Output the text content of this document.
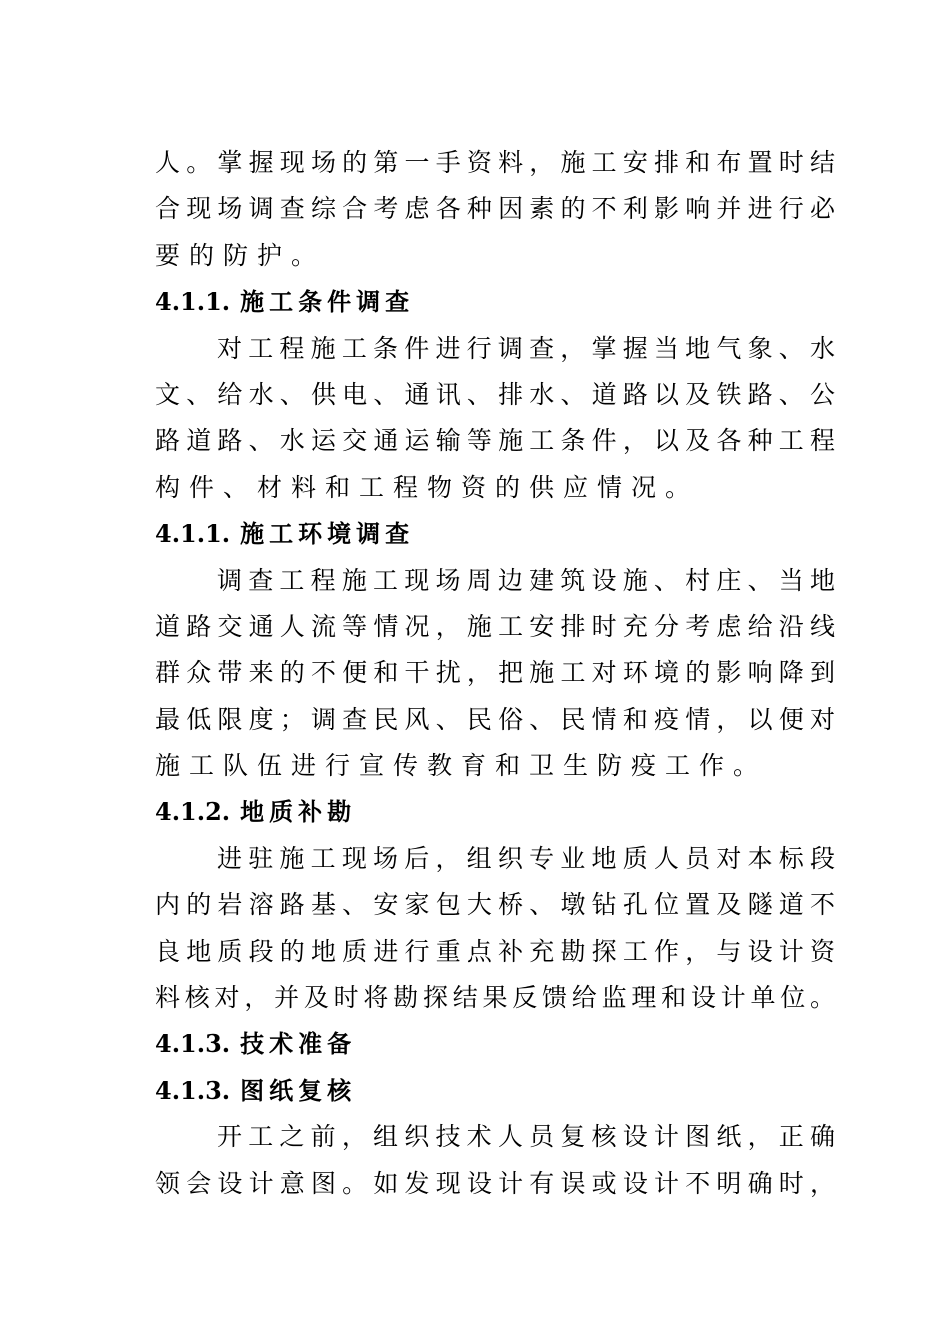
人。掌握现场的第一手资料，施工安排和布置时结
合现场调查综合考虑各种因素的不利影响并进行必
要的防护。
4.1.1. 施工条件调查
对工程施工条件进行调查，掌握当地气象、水
文、给水、供电、通讯、排水、道路以及铁路、公
路道路、水运交通运输等施工条件，以及各种工程
构件、材料和工程物资的供应情况。
4.1.1. 施工环境调查
调查工程施工现场周边建筑设施、村庄、当地
道路交通人流等情况，施工安排时充分考虑给沿线
群众带来的不便和干扰，把施工对环境的影响降到
最低限度；调查民风、民俗、民情和疫情，以便对
施工队伍进行宣传教育和卫生防疫工作。
4.1.2. 地质补勘
进驻施工现场后，组织专业地质人员对本标段
内的岩溶路基、安家包大桥、墩钻孔位置及隧道不
良地质段的地质进行重点补充勘探工作，与设计资
料核对，并及时将勘探结果反馈给监理和设计单位。
4.1.3. 技术准备
4.1.3. 图纸复核
开工之前，组织技术人员复核设计图纸，正确
领会设计意图。如发现设计有误或设计不明确时，
